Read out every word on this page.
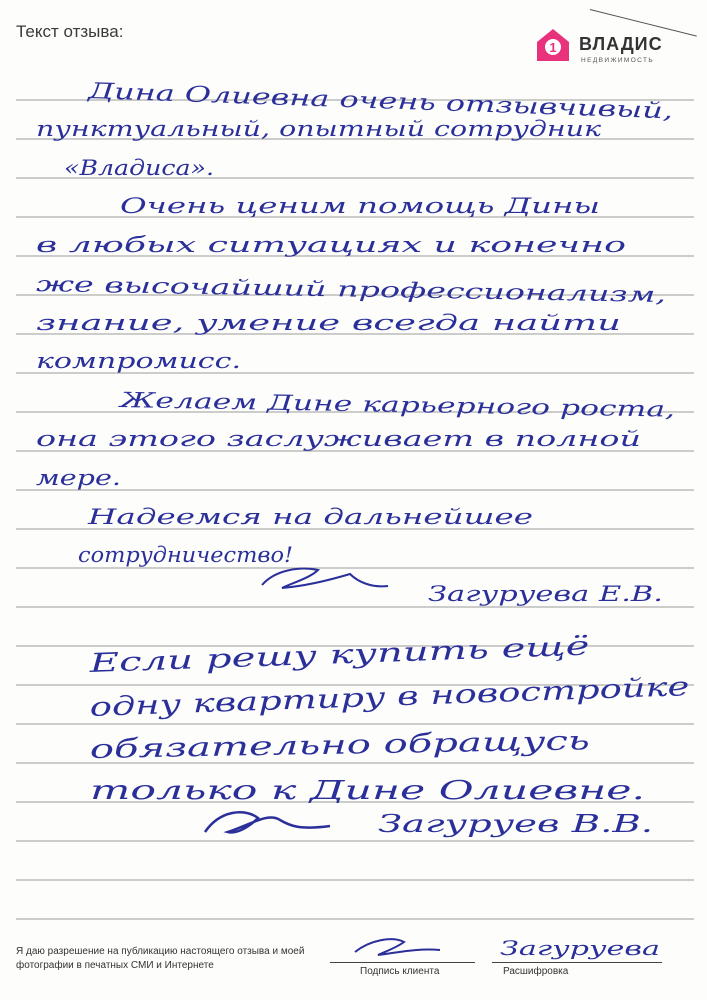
Текст отзыва:
1 ВЛАДИС
НЕДВИЖИМОСТЬ
Дина Олиевна очень отзывчивый,
пунктуальный, опытный сотрудник
«Владиса».
Очень ценим помощь Дины
в любых ситуациях и конечно
же высочайший профессионализм,
знание, умение всегда найти
компромисс.
Желаем Дине карьерного роста,
она этого заслуживает в полной
мере.
Надеемся на дальнейшее
сотрудничество!
Загуруева Е.В.
Если решу купить ещё
одну квартиру в новостройке
обязательно обращусь
только к Дине Олиевне.
Загуруев В.В.
Загуруева
Я даю разрешение на публикацию настоящего отзыва и моей фотографии в печатных СМИ и Интернете
Подпись клиента	Расшифровка
